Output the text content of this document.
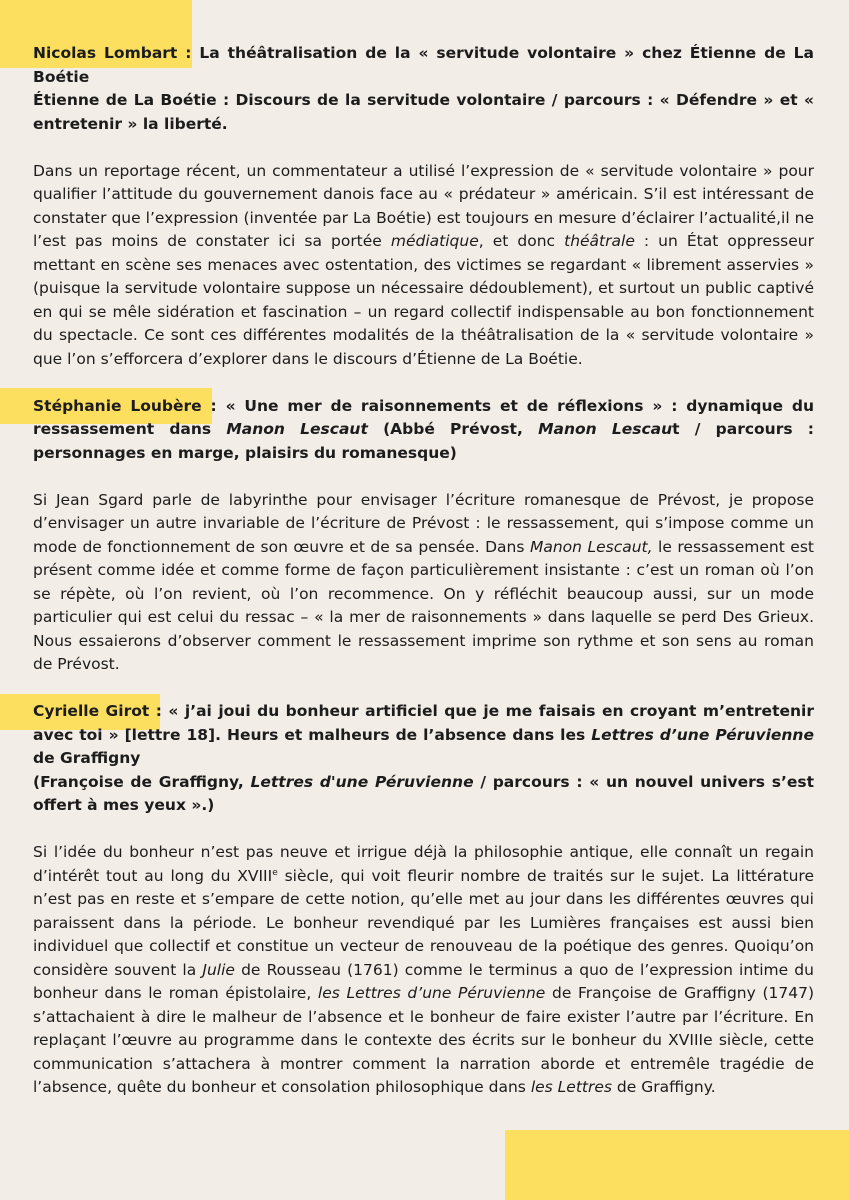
Nicolas Lombart : La théâtralisation de la « servitude volontaire » chez Étienne de La Boétie
Étienne de La Boétie : Discours de la servitude volontaire / parcours : « Défendre » et « entretenir » la liberté.

Dans un reportage récent, un commentateur a utilisé l’expression de « servitude volontaire » pour qualifier l’attitude du gouvernement danois face au « prédateur » américain. S’il est intéressant de constater que l’expression (inventée par La Boétie) est toujours en mesure d’éclairer l’actualité,il ne l’est pas moins de constater ici sa portée médiatique, et donc théâtrale : un État oppresseur mettant en scène ses menaces avec ostentation, des victimes se regardant « librement asservies » (puisque la servitude volontaire suppose un nécessaire dédoublement), et surtout un public captivé en qui se mêle sidération et fascination – un regard collectif indispensable au bon fonctionnement du spectacle. Ce sont ces différentes modalités de la théâtralisation de la « servitude volontaire » que l’on s’efforcera d’explorer dans le discours d’Étienne de La Boétie.

Stéphanie Loubère : « Une mer de raisonnements et de réflexions » : dynamique du ressassement dans Manon Lescaut (Abbé Prévost, Manon Lescaut / parcours : personnages en marge, plaisirs du romanesque)

Si Jean Sgard parle de labyrinthe pour envisager l’écriture romanesque de Prévost, je propose d’envisager un autre invariable de l’écriture de Prévost : le ressassement, qui s’impose comme un mode de fonctionnement de son œuvre et de sa pensée. Dans Manon Lescaut, le ressassement est présent comme idée et comme forme de façon particulièrement insistante : c’est un roman où l’on se répète, où l’on revient, où l’on recommence. On y réfléchit beaucoup aussi, sur un mode particulier qui est celui du ressac – « la mer de raisonnements » dans laquelle se perd Des Grieux. Nous essaierons d’observer comment le ressassement imprime son rythme et son sens au roman de Prévost.

Cyrielle Girot : « j’ai joui du bonheur artificiel que je me faisais en croyant m’entretenir avec toi » [lettre 18]. Heurs et malheurs de l’absence dans les Lettres d’une Péruvienne de Graffigny
(Françoise de Graffigny, Lettres d'une Péruvienne / parcours : « un nouvel univers s’est offert à mes yeux ».)

Si l’idée du bonheur n’est pas neuve et irrigue déjà la philosophie antique, elle connaît un regain d’intérêt tout au long du XVIIIe siècle, qui voit fleurir nombre de traités sur le sujet. La littérature n’est pas en reste et s’empare de cette notion, qu’elle met au jour dans les différentes œuvres qui paraissent dans la période. Le bonheur revendiqué par les Lumières françaises est aussi bien individuel que collectif et constitue un vecteur de renouveau de la poétique des genres. Quoiqu’on considère souvent la Julie de Rousseau (1761) comme le terminus a quo de l’expression intime du bonheur dans le roman épistolaire, les Lettres d’une Péruvienne de Françoise de Graffigny (1747) s’attachaient à dire le malheur de l’absence et le bonheur de faire exister l’autre par l’écriture. En replaçant l’œuvre au programme dans le contexte des écrits sur le bonheur du XVIIIe siècle, cette communication s’attachera à montrer comment la narration aborde et entremêle tragédie de l’absence, quête du bonheur et consolation philosophique dans les Lettres de Graffigny.
